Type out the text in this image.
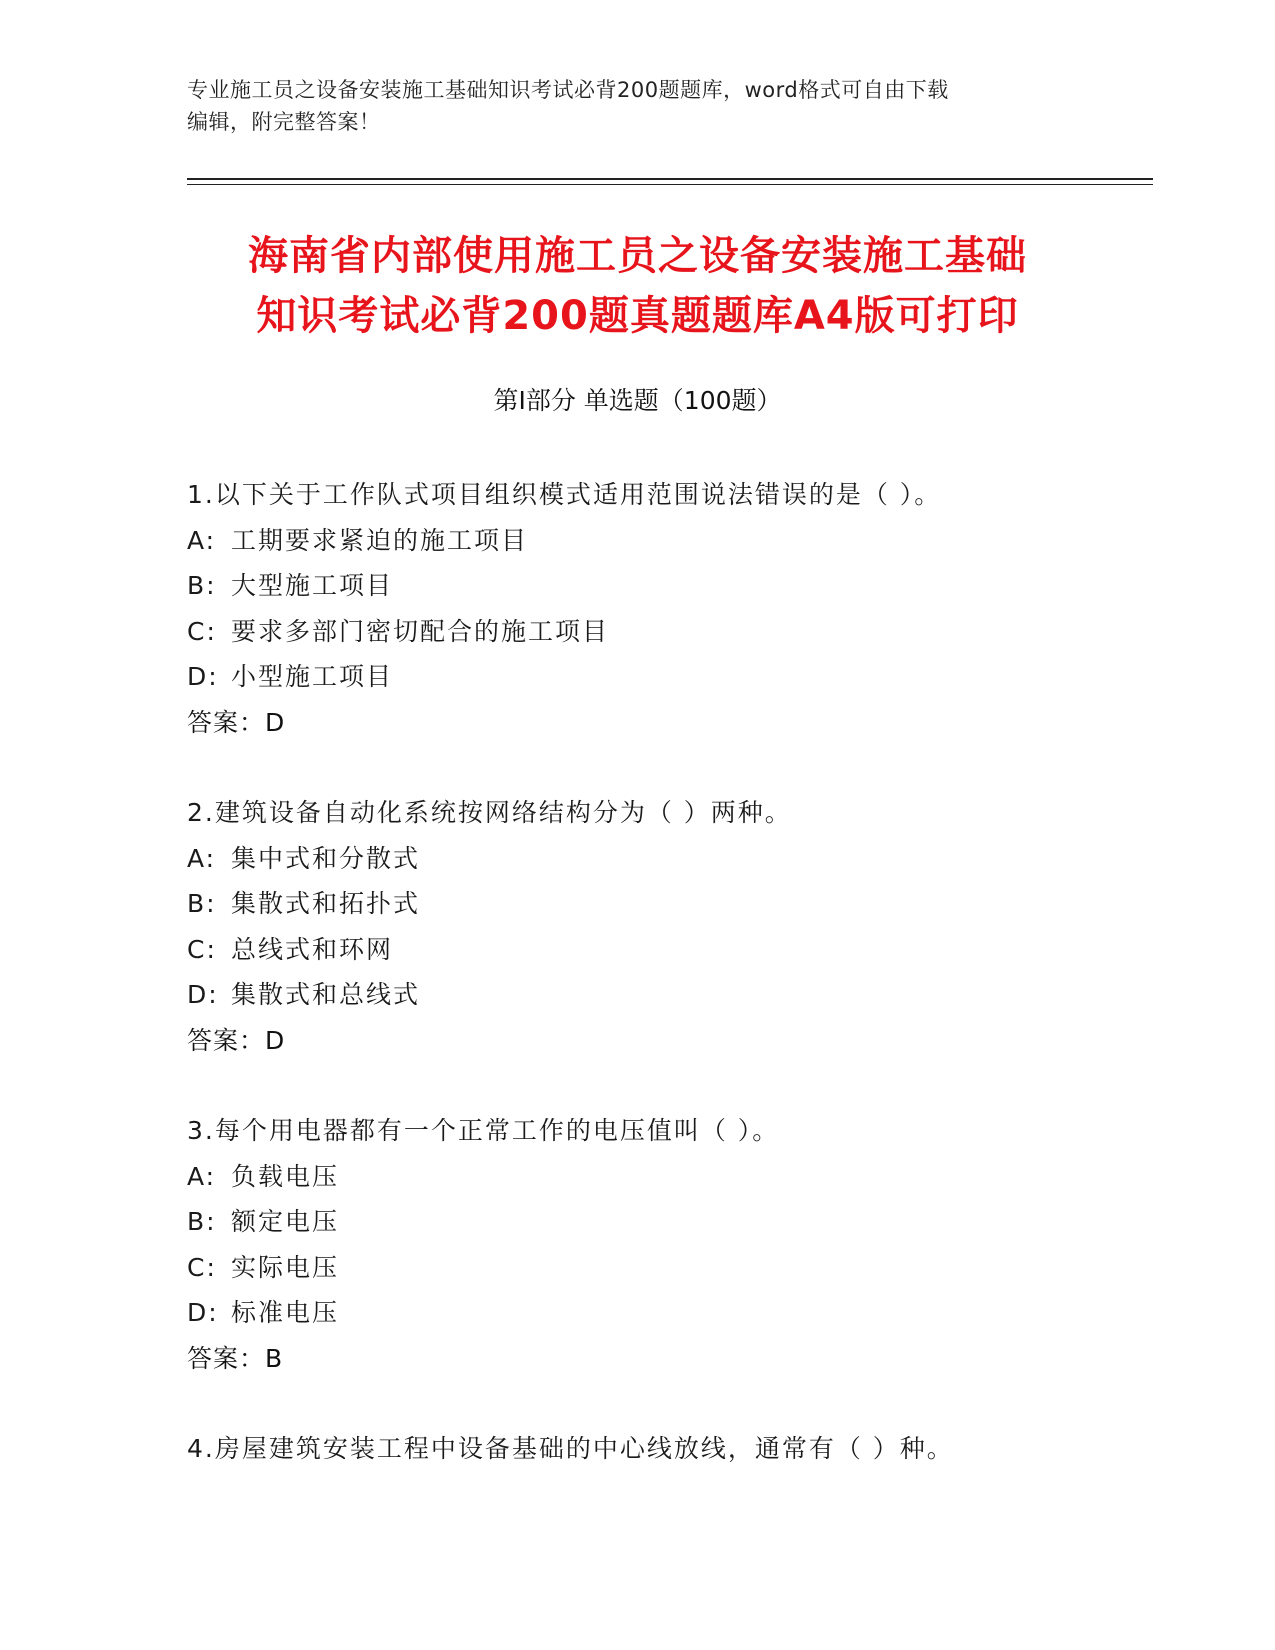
专业施工员之设备安装施工基础知识考试必背200题题库，word格式可自由下载
编辑，附完整答案！
海南省内部使用施工员之设备安装施工基础
知识考试必背200题真题题库A4版可打印
第Ⅰ部分 单选题（100题）
1.以下关于工作队式项目组织模式适用范围说法错误的是（ ）。
A: 工期要求紧迫的施工项目
B: 大型施工项目
C: 要求多部门密切配合的施工项目
D: 小型施工项目
答案：D
2.建筑设备自动化系统按网络结构分为（ ）两种。
A: 集中式和分散式
B: 集散式和拓扑式
C: 总线式和环网
D: 集散式和总线式
答案：D
3.每个用电器都有一个正常工作的电压值叫（ ）。
A: 负载电压
B: 额定电压
C: 实际电压
D: 标准电压
答案：B
4.房屋建筑安装工程中设备基础的中心线放线，通常有（ ）种。
